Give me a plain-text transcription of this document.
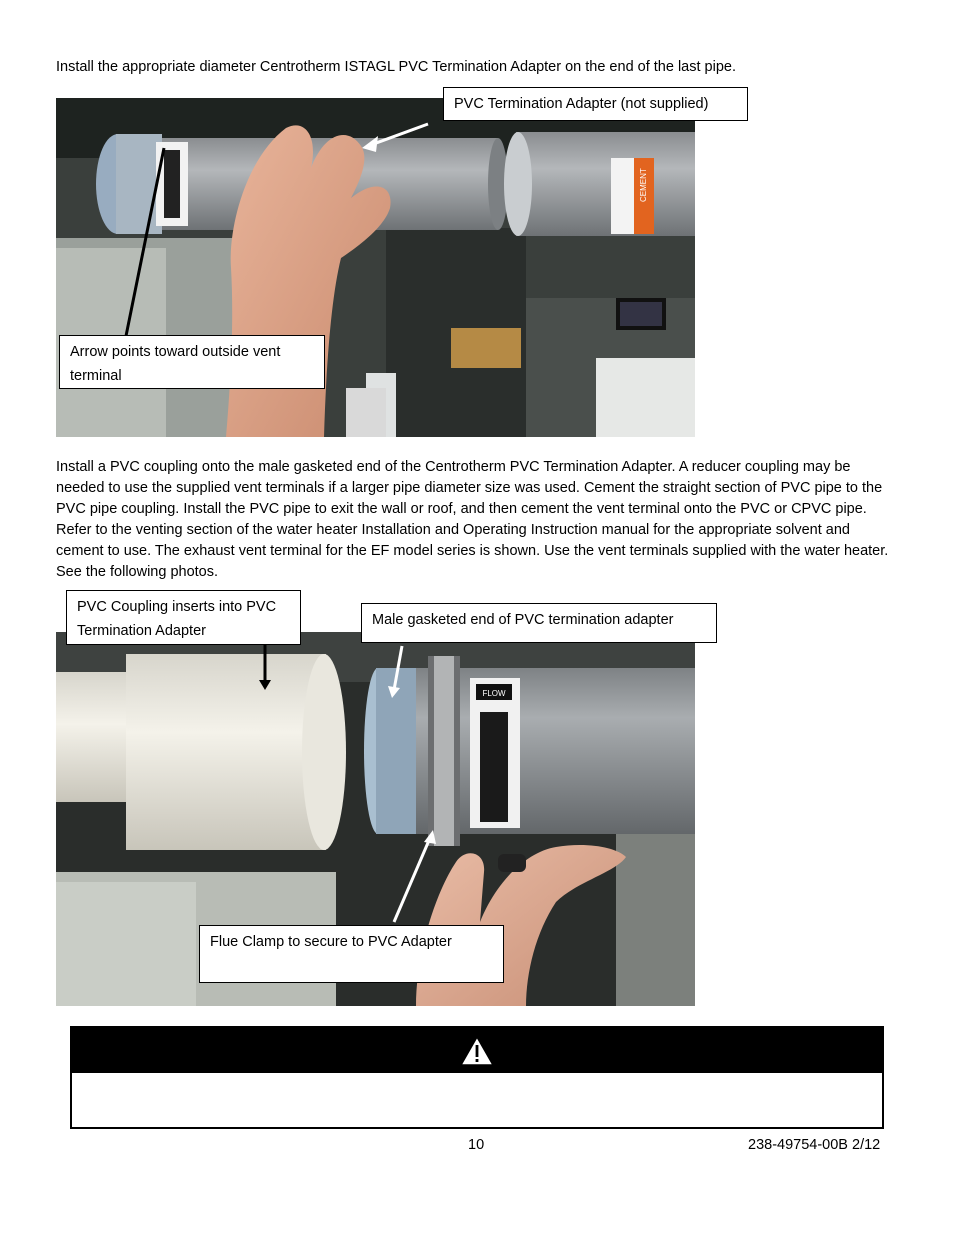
Install the appropriate diameter Centrotherm ISTAGL PVC Termination Adapter on the end of the last pipe.

CEMENT
PVC Termination Adapter (not supplied)
Arrow points toward outside vent terminal

Install a PVC coupling onto the male gasketed end of the Centrotherm PVC Termination Adapter. A reducer coupling may be needed to use the supplied vent terminals if a larger pipe diameter size was used. Cement the straight section of PVC pipe to the PVC pipe coupling. Install the PVC pipe to exit the wall or roof, and then cement the vent terminal onto the PVC or CPVC pipe. Refer to the venting section of the water heater Installation and Operating Instruction manual for the appropriate solvent and cement to use. The exhaust vent terminal for the EF model series is shown. Use the vent terminals supplied with the water heater. See the following photos.

FLOW
PVC Coupling inserts into PVC Termination Adapter
Male gasketed end of PVC termination adapter
Flue Clamp to secure to PVC Adapter
10	238-49754-00B 2/12
